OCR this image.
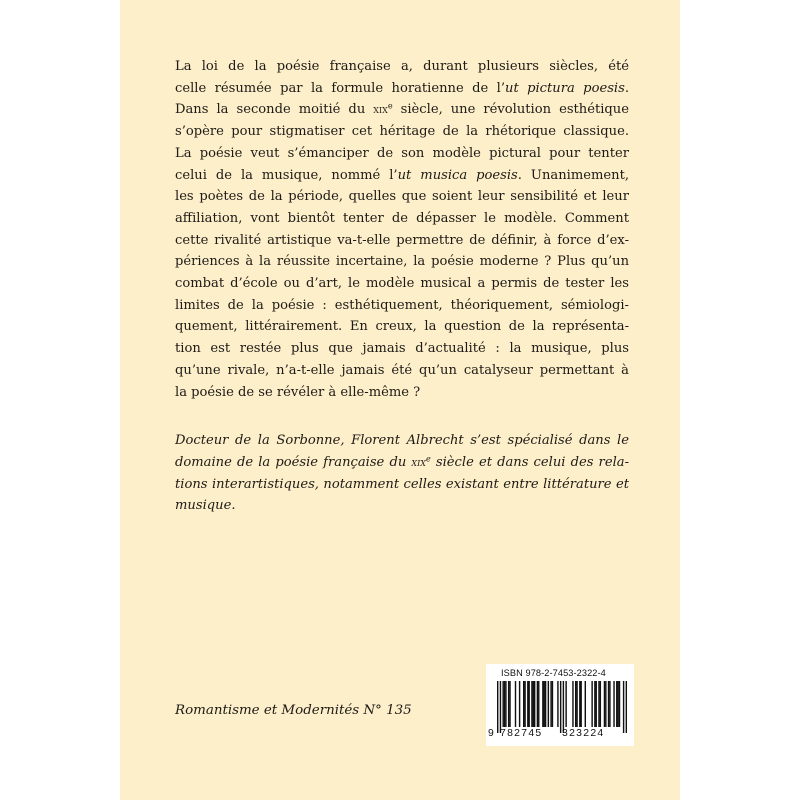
La loi de la poésie française a, durant plusieurs siècles, été
celle résumée par la formule horatienne de l’ut pictura poesis.
Dans la seconde moitié du xix$^e$ siècle, une révolution esthétique
s’opère pour stigmatiser cet héritage de la rhétorique classique.
La poésie veut s’émanciper de son modèle pictural pour tenter
celui de la musique, nommé l’ut musica poesis. Unanimement,
les poètes de la période, quelles que soient leur sensibilité et leur
affiliation, vont bientôt tenter de dépasser le modèle. Comment
cette rivalité artistique va-t-elle permettre de définir, à force d’ex-
périences à la réussite incertaine, la poésie moderne ? Plus qu’un
combat d’école ou d’art, le modèle musical a permis de tester les
limites de la poésie : esthétiquement, théoriquement, sémiologi-
quement, littérairement. En creux, la question de la représenta-
tion est restée plus que jamais d’actualité : la musique, plus
qu’une rivale, n’a-t-elle jamais été qu’un catalyseur permettant à
la poésie de se révéler à elle-même ?
Docteur de la Sorbonne, Florent Albrecht s’est spécialisé dans le
domaine de la poésie française du xix$^e$ siècle et dans celui des rela-
tions interartistiques, notamment celles existant entre littérature et
musique.
Romantisme et Modernités N° 135
ISBN 978-2-7453-2322-4
9 782745 323224
